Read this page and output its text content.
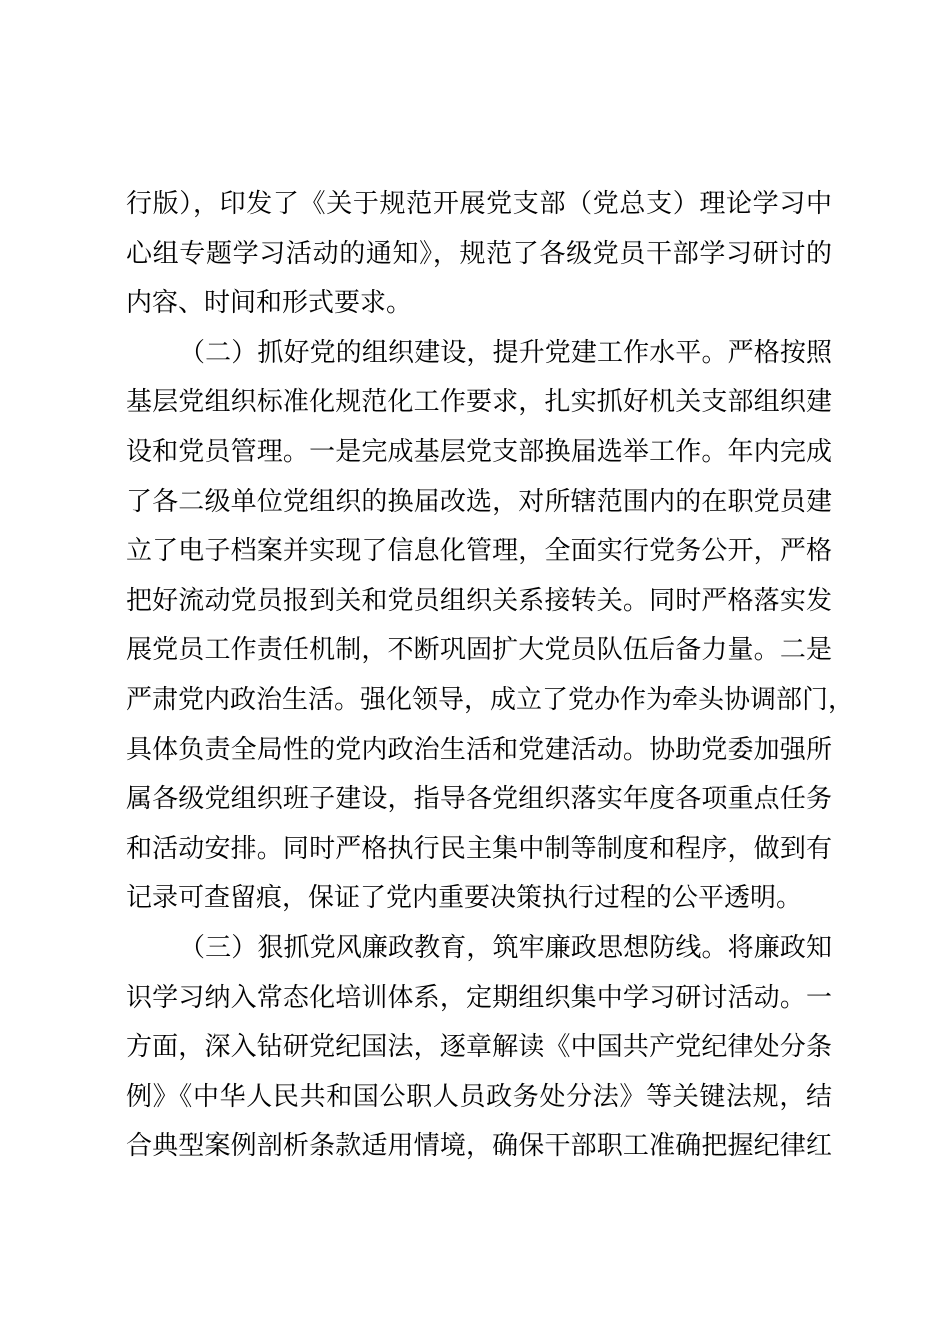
行版），印发了《关于规范开展党支部（党总支）理论学习中
心组专题学习活动的通知》，规范了各级党员干部学习研讨的
内容、时间和形式要求。
（二）抓好党的组织建设，提升党建工作水平。严格按照
基层党组织标准化规范化工作要求，扎实抓好机关支部组织建
设和党员管理。一是完成基层党支部换届选举工作。年内完成
了各二级单位党组织的换届改选，对所辖范围内的在职党员建
立了电子档案并实现了信息化管理，全面实行党务公开，严格
把好流动党员报到关和党员组织关系接转关。同时严格落实发
展党员工作责任机制，不断巩固扩大党员队伍后备力量。二是
严肃党内政治生活。强化领导，成立了党办作为牵头协调部门，
具体负责全局性的党内政治生活和党建活动。协助党委加强所
属各级党组织班子建设，指导各党组织落实年度各项重点任务
和活动安排。同时严格执行民主集中制等制度和程序，做到有
记录可查留痕，保证了党内重要决策执行过程的公平透明。
（三）狠抓党风廉政教育，筑牢廉政思想防线。将廉政知
识学习纳入常态化培训体系，定期组织集中学习研讨活动。一
方面，深入钻研党纪国法，逐章解读《中国共产党纪律处分条
例》《中华人民共和国公职人员政务处分法》等关键法规，结
合典型案例剖析条款适用情境，确保干部职工准确把握纪律红
